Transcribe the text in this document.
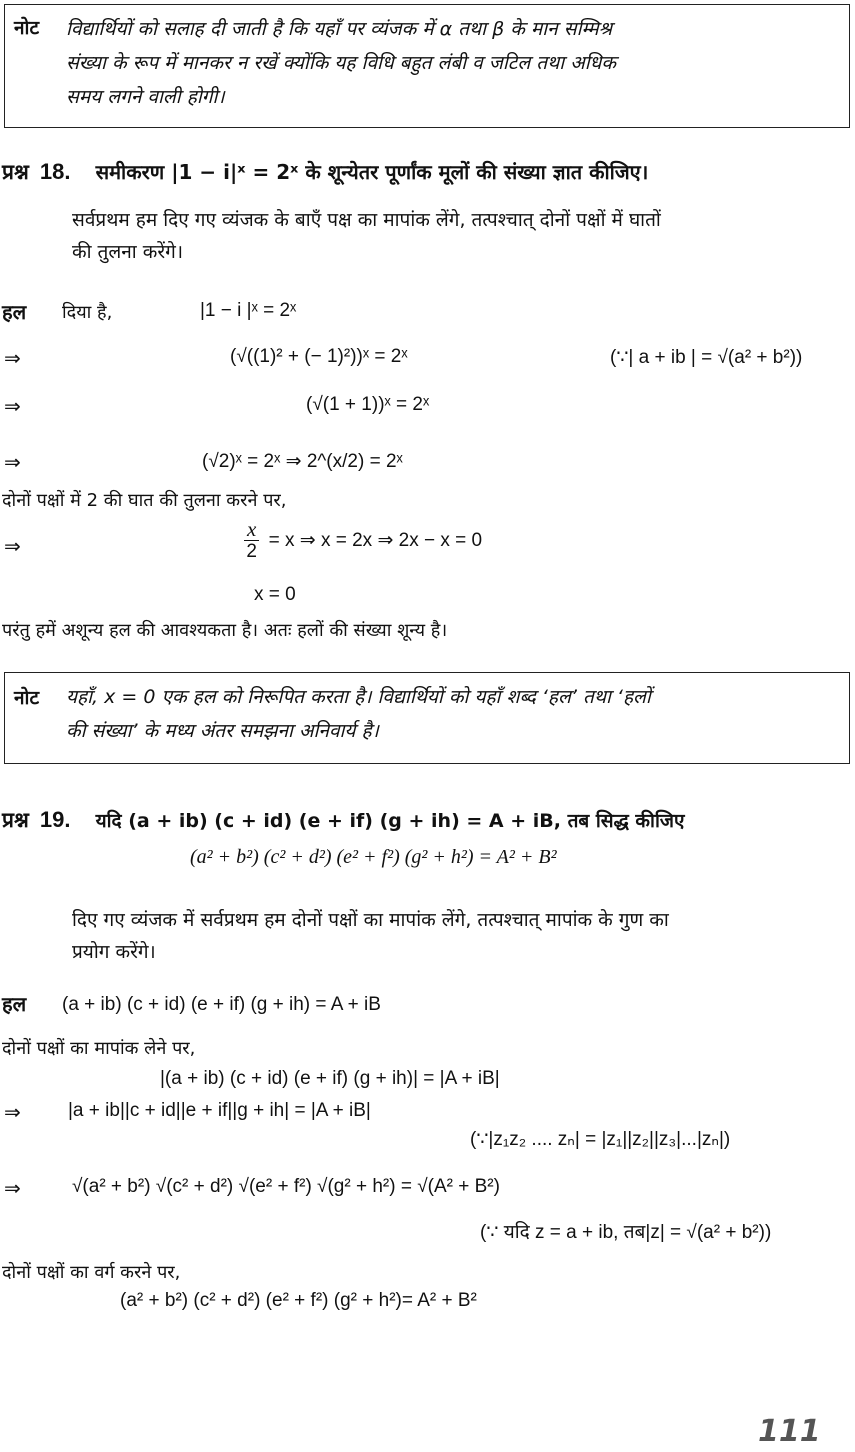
नोट विद्यार्थियों को सलाह दी जाती है कि यहाँ पर व्यंजक में α तथा β के मान सम्मिश्र
संख्या के रूप में मानकर न रखें क्योंकि यह विधि बहुत लंबी व जटिल तथा अधिक
समय लगने वाली होगी।
प्रश्न 18. समीकरण |1 − i|ˣ = 2ˣ के शून्येतर पूर्णांक मूलों की संख्या ज्ञात कीजिए।
सर्वप्रथम हम दिए गए व्यंजक के बाएँ पक्ष का मापांक लेंगे, तत्पश्चात् दोनों पक्षों में घातों
की तुलना करेंगे।
हल दिया है,	|1 − i |ˣ = 2ˣ
⇒	(√((1)² + (− 1)²))ˣ = 2ˣ	(∵| a + ib | = √(a² + b²))
⇒	(√(1 + 1))ˣ = 2ˣ
⇒	(√2)ˣ = 2ˣ ⇒ 2^(x/2) = 2ˣ
दोनों पक्षों में 2 की घात की तुलना करने पर,
⇒	$\frac{x}{2} = x$ ⇒ x = 2x ⇒ 2x − x = 0
x = 0
परंतु हमें अशून्य हल की आवश्यकता है। अतः हलों की संख्या शून्य है।
नोट यहाँ, x = 0 एक हल को निरूपित करता है। विद्यार्थियों को यहाँ शब्द ‘हल’ तथा ‘हलों
की संख्या’ के मध्य अंतर समझना अनिवार्य है।
प्रश्न 19. यदि (a + ib) (c + id) (e + if) (g + ih) = A + iB, तब सिद्ध कीजिए
(a² + b²) (c² + d²) (e² + f²) (g² + h²) = A² + B²
दिए गए व्यंजक में सर्वप्रथम हम दोनों पक्षों का मापांक लेंगे, तत्पश्चात् मापांक के गुण का
प्रयोग करेंगे।
हल (a + ib) (c + id) (e + if) (g + ih) = A + iB
दोनों पक्षों का मापांक लेने पर,
|(a + ib) (c + id) (e + if) (g + ih)| = |A + iB|
⇒ |a + ib||c + id||e + if||g + ih| = |A + iB|
(∵|z₁z₂ .... zₙ| = |z₁||z₂||z₃|...|zₙ|)
⇒	√(a² + b²) √(c² + d²) √(e² + f²) √(g² + h²) = √(A² + B²)
(∵ यदि z = a + ib, तब|z| = √(a² + b²))
दोनों पक्षों का वर्ग करने पर,
(a² + b²) (c² + d²) (e² + f²) (g² + h²)= A² + B²
111
